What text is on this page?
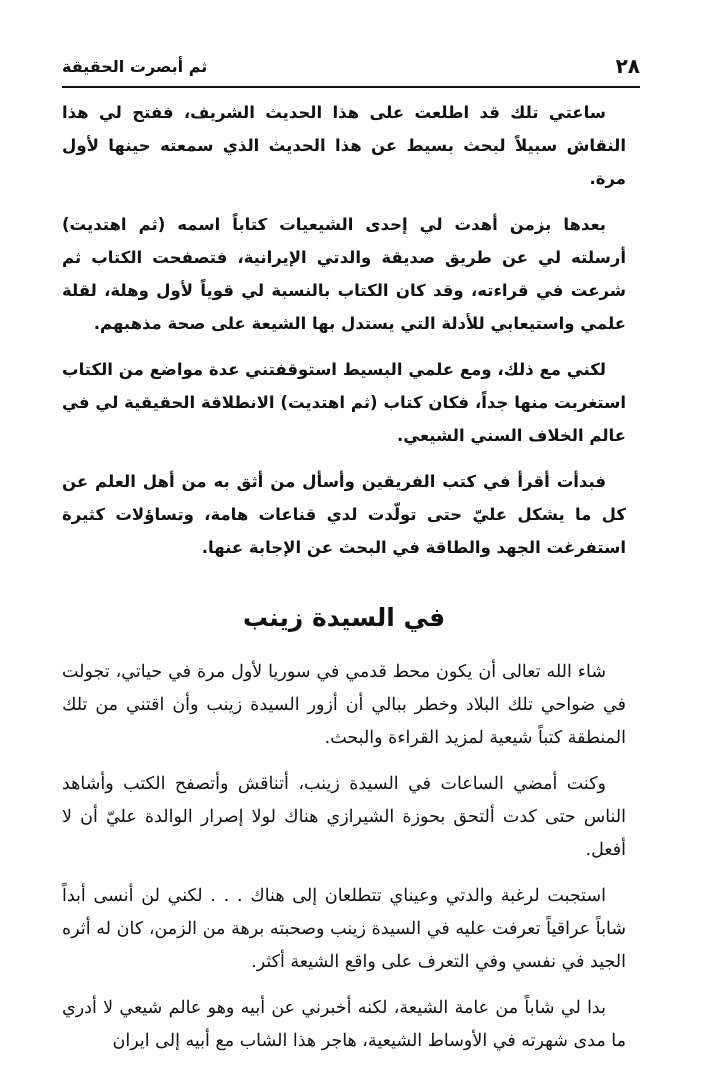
٢٨
ثم أبصرت الحقيقة

ساعتي تلك قد اطلعت على هذا الحديث الشريف، ففتح لي هذا النقاش سبيلاً لبحث بسيط عن هذا الحديث الذي سمعته حينها لأول مرة.

بعدها بزمن أهدت لي إحدى الشيعيات كتاباً اسمه (ثم اهتديت) أرسلته لي عن طريق صديقة والدتي الإيرانية، فتصفحت الكتاب ثم شرعت في قراءته، وقد كان الكتاب بالنسبة لي قوياً لأول وهلة، لقلة علمي واستيعابي للأدلة التي يستدل بها الشيعة على صحة مذهبهم.

لكني مع ذلك، ومع علمي البسيط استوقفتني عدة مواضع من الكتاب استغربت منها جداً، فكان كتاب (ثم اهتديت) الانطلاقة الحقيقية لي في عالم الخلاف السني الشيعي.

فبدأت أقرأ في كتب الفريقين وأسأل من أثق به من أهل العلم عن كل ما يشكل عليّ حتى تولّدت لدي قناعات هامة، وتساؤلات كثيرة استفرغت الجهد والطاقة في البحث عن الإجابة عنها.

في السيدة زينب

شاء الله تعالى أن يكون محط قدمي في سوريا لأول مرة في حياتي، تجولت في ضواحي تلك البلاد وخطر ببالي أن أزور السيدة زينب وأن اقتني من تلك المنطقة كتباً شيعية لمزيد القراءة والبحث.

وكنت أمضي الساعات في السيدة زينب، أتناقش وأتصفح الكتب وأشاهد الناس حتى كدت ألتحق بحوزة الشيرازي هناك لولا إصرار الوالدة عليّ أن لا أفعل.

استجبت لرغبة والدتي وعيناي تتطلعان إلى هناك . . . لكني لن أنسى أبداً شاباً عراقياً تعرفت عليه في السيدة زينب وصحبته برهة من الزمن، كان له أثره الجيد في نفسي وفي التعرف على واقع الشيعة أكثر.

بدا لي شاباً من عامة الشيعة، لكنه أخبرني عن أبيه وهو عالم شيعي لا أدري ما مدى شهرته في الأوساط الشيعية، هاجر هذا الشاب مع أبيه إلى ايران
